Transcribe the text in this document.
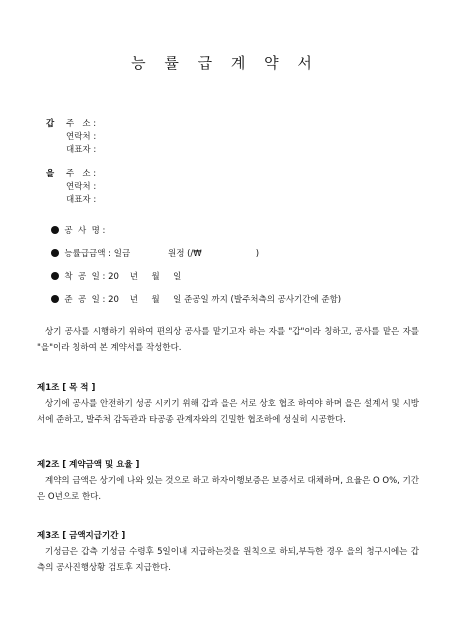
능 률 급 계 약 서
갑 주   소 :
연락처 :
대표자 :
을 주   소 :
연락처 :
대표자 :

공  사  명 :

능률급금액 : 일금              원정 (/₩                    )

착  공  일 : 20    년     월     일

준  공  일 : 20    년     월     일 준공일 까지 (발주처측의 공사기간에 준함)

상기 공사를 시행하기 위하여 편의상 공사를 맡기고자 하는 자를 "갑"이라 칭하고, 공사를 맡은 자를 "을"이라 칭하여 본 계약서를 작성한다.
제1조 [ 목 적 ]
상기에 공사를 안전하기 성공 시키기 위해 갑과 을은 서로 상호 협조 하여야 하며 을은 설계서 및 시방서에 준하고, 발주처 감독관과 타공종 관계자와의 긴밀한 협조하에 성실히 시공한다.
제2조 [ 계약금액 및 요율 ]
계약의 금액은 상기에 나와 있는 것으로 하고 하자이행보증은 보증서로 대체하며, 요율은 O O%, 기간은 O년으로 한다.
제3조 [ 금액지급기간 ]
기성금은 갑측 기성금 수령후 5일이내 지급하는것을 원칙으로 하되,부득한 경우 을의 청구시에는 갑측의 공사진행상황 검토후 지급한다.
